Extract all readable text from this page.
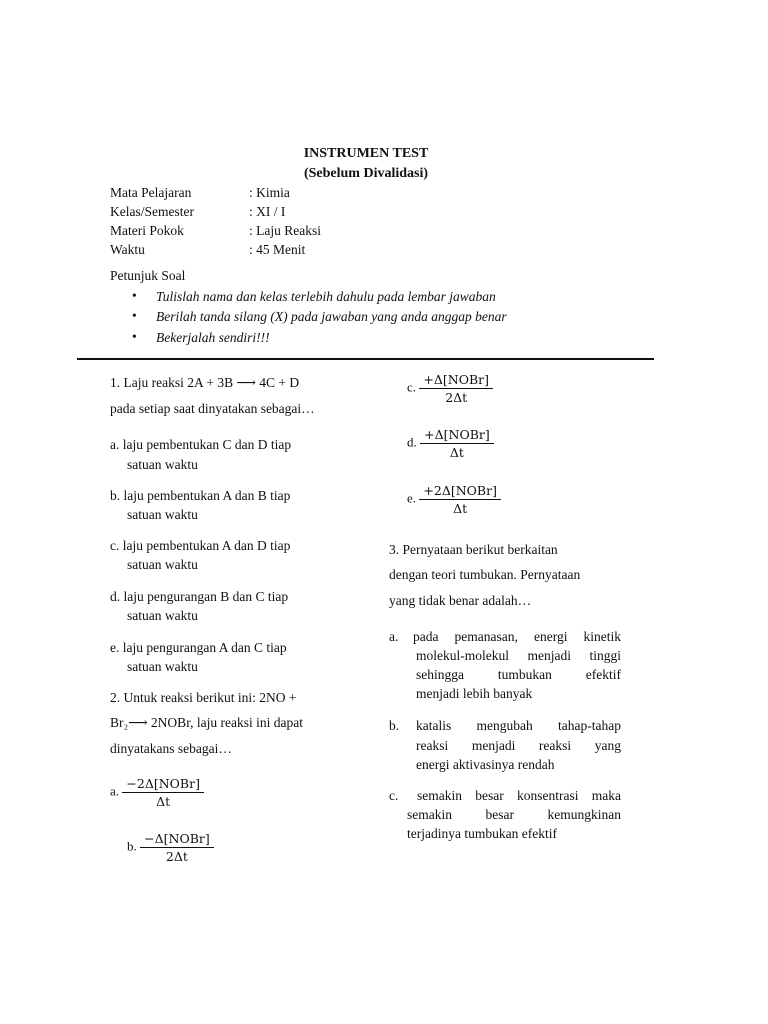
INSTRUMEN TEST
(Sebelum Divalidasi)
Mata Pelajaran	: Kimia
Kelas/Semester	: XI / I
Materi Pokok	: Laju Reaksi
Waktu	: 45 Menit
Petunjuk Soal
• Tulislah nama dan kelas terlebih dahulu pada lembar jawaban
• Berilah tanda silang (X) pada jawaban yang anda anggap benar
• Bekerjalah sendiri!!!
1. Laju reaksi 2A + 3B ⟶ 4C + D
pada setiap saat dinyatakan sebagai…
a. laju pembentukan C dan D tiap
satuan waktu
b. laju pembentukan A dan B tiap
satuan waktu
c. laju pembentukan A dan D tiap
satuan waktu
d. laju pengurangan B dan C tiap
satuan waktu
e. laju pengurangan A dan C tiap
satuan waktu
2. Untuk reaksi berikut ini: 2NO +
Br₂⟶ 2NOBr, laju reaksi ini dapat
dinyatakans sebagai…
a. $\frac{\text{−2Δ[NOBr]}}{\Delta t}$
b. $\frac{\text{−Δ[NOBr]}}{2\Delta t}$
c. $\frac{\text{+Δ[NOBr]}}{2\Delta t}$
d. $\frac{\text{+Δ[NOBr]}}{\Delta t}$
e. $\frac{\text{+2Δ[NOBr]}}{\Delta t}$
3. Pernyataan berikut berkaitan
dengan teori tumbukan. Pernyataan
yang tidak benar adalah…
a. pada pemanasan, energi kinetik
molekul-molekul menjadi tinggi
sehingga tumbukan efektif
menjadi lebih banyak
b. katalis mengubah tahap-tahap
reaksi menjadi reaksi yang
energi aktivasinya rendah
c. semakin besar konsentrasi maka
semakin besar kemungkinan
terjadinya tumbukan efektif
